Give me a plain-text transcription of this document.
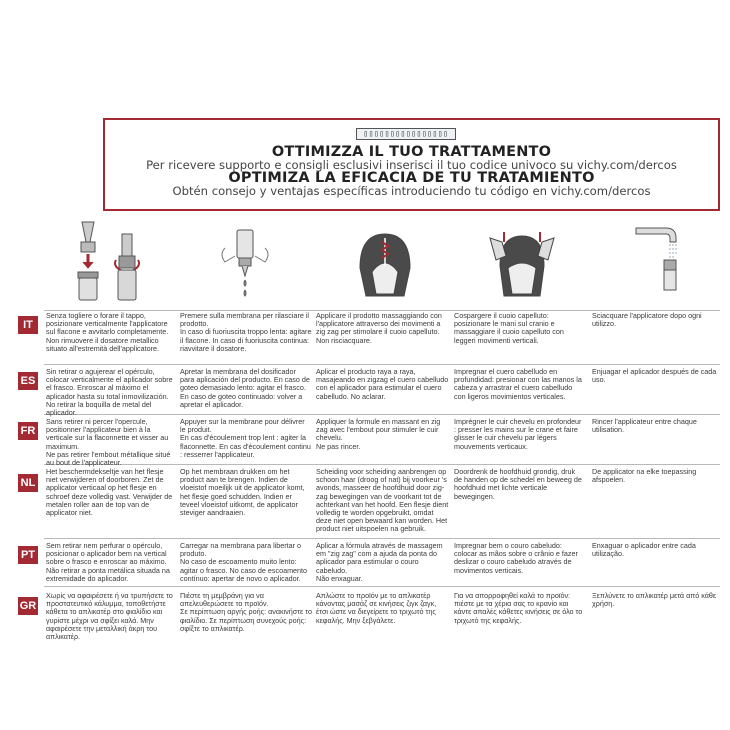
▯▯▯▯▯▯▯▯▯▯▯▯▯▯▯▯
OTTIMIZZA IL TUO TRATTAMENTO
Per ricevere supporto e consigli esclusivi inserisci il tuo codice univoco su vichy.com/dercos
OPTIMIZA LA EFICACIA DE TU TRATAMIENTO
Obtén consejo y ventajas específicas introduciendo tu código en vichy.com/dercos
IT
Senza togliere o forare il tappo, posizionare verticalmente l'applicatore sul flacone e avvitarlo completamente.
Non rimuovere il dosatore metallico situato all'estremità dell'applicatore.
Premere sulla membrana per rilasciare il prodotto.
In caso di fuoriuscita troppo lenta: agitare il flacone. In caso di fuoriuscita continua: riavvitare il dosatore.
Applicare il prodotto massaggiando con l'applicatore attraverso dei movimenti a zig zag per stimolare il cuoio capelluto.
Non risciacquare.
Cospargere il cuoio capelluto: posizionare le mani sul cranio e massaggiare il cuoio capelluto con leggeri movimenti verticali.
Sciacquare l'applicatore dopo ogni utilizzo.
ES
Sin retirar o agujerear el opérculo, colocar verticalmente el aplicador sobre el frasco. Enroscar al máximo el aplicador hasta su total inmovilización. No retirar la boquilla de metal del aplicador.
Apretar la membrana del dosificador para aplicación del producto. En caso de goteo demasiado lento: agitar el frasco. En caso de goteo continuado: volver a apretar el aplicador.
Aplicar el producto raya a raya, masajeando en zigzag el cuero cabelludo con el aplicador para estimular el cuero cabelludo. No aclarar.
Impregnar el cuero cabelludo en profundidad: presionar con las manos la cabeza y arrastrar el cuero cabelludo con ligeros movimientos verticales.
Enjuagar el aplicador después de cada uso.
FR
Sans retirer ni percer l'opercule, positionner l'applicateur bien à la verticale sur la flaconnette et visser au maximum.
Ne pas retirer l'embout métallique situé au bout de l'applicateur.
Appuyer sur la membrane pour délivrer le produit.
En cas d'écoulement trop lent : agiter la flaconnette. En cas d'écoulement continu : resserrer l'applicateur.
Appliquer la formule en massant en zig zag avec l'embout pour stimuler le cuir chevelu.
Ne pas rincer.
Imprégner le cuir chevelu en profondeur : presser les mains sur le crane et faire glisser le cuir chevelu par légers mouvements verticaux.
Rincer l'applicateur entre chaque utilisation.
NL
Het beschermdekseltje van het flesje niet verwijderen of doorboren. Zet de applicator verticaal op het flesje en schroef deze volledig vast. Verwijder de metalen roller aan de top van de applicator niet.
Op het membraan drukken om het product aan te brengen. Indien de vloeistof moeilijk uit de applicator komt, het flesje goed schudden. Indien er teveel vloeistof uitkomt, de applicator steviger aandraaien.
Scheiding voor scheiding aanbrengen op schoon haar (droog of nat) bij voorkeur 's avonds, masseer de hoofdhuid door zig-zag bewegingen van de voorkant tot de achterkant van het hoofd. Een flesje dient volledig te worden opgebruikt, omdat deze niet open bewaard kan worden. Het product niet uitspoelen na gebruik.
Doordrenk de hoofdhuid grondig, druk de handen op de schedel en beweeg de hoofdhuid met lichte verticale bewegingen.
De applicator na elke toepassing afspoelen.
PT
Sem retirar nem perfurar o opérculo, posicionar o aplicador bem na vertical sobre o frasco e enroscar ao máximo. Não retirar a ponta metálica situada na extremidade do aplicador.
Carregar na membrana para libertar o produto.
No caso de escoamento muito lento: agitar o frasco. No caso de escoamento contínuo: apertar de novo o aplicador.
Aplicar a fórmula através de massagem em "zig zag" com a ajuda da ponta do aplicador para estimular o couro cabeludo.
Não enxaguar.
Impregnar bem o couro cabeludo: colocar as mãos sobre o crânio e fazer deslizar o couro cabeludo através de movimentos verticais.
Enxaguar o aplicador entre cada utilização.
GR
Χωρίς να αφαιρέσετε ή να τρυπήσετε το προστατευτικό κάλυμμα, τοποθετήστε κάθετα το απλικατέρ στο φιαλίδιο και γυρίστε μέχρι να σφίξει καλά. Μην αφαιρέσετε την μεταλλική άκρη του απλικατέρ.
Πιέστε τη μεμβράνη για να απελευθερώσετε το προϊόν.
Σε περίπτωση αργής ροής: ανακινήστε το φιαλίδιο. Σε περίπτωση συνεχούς ροής: σφίξτε το απλικατέρ.
Απλώστε το προϊόν με το απλικατέρ κάνοντας μασάζ σε κινήσεις ζιγκ ζαγκ, έτσι ώστε να διεγείρετε το τριχωτό της κεφαλής. Μην ξεβγάλετε.
Για να απορροφηθεί καλά το προϊόν: πιέστε με τα χέρια σας το κρανίο και κάντε απαλές κάθετες κινήσεις σε όλο το τριχωτό της κεφαλής.
Ξεπλύνετε το απλικατέρ μετά από κάθε χρήση.
